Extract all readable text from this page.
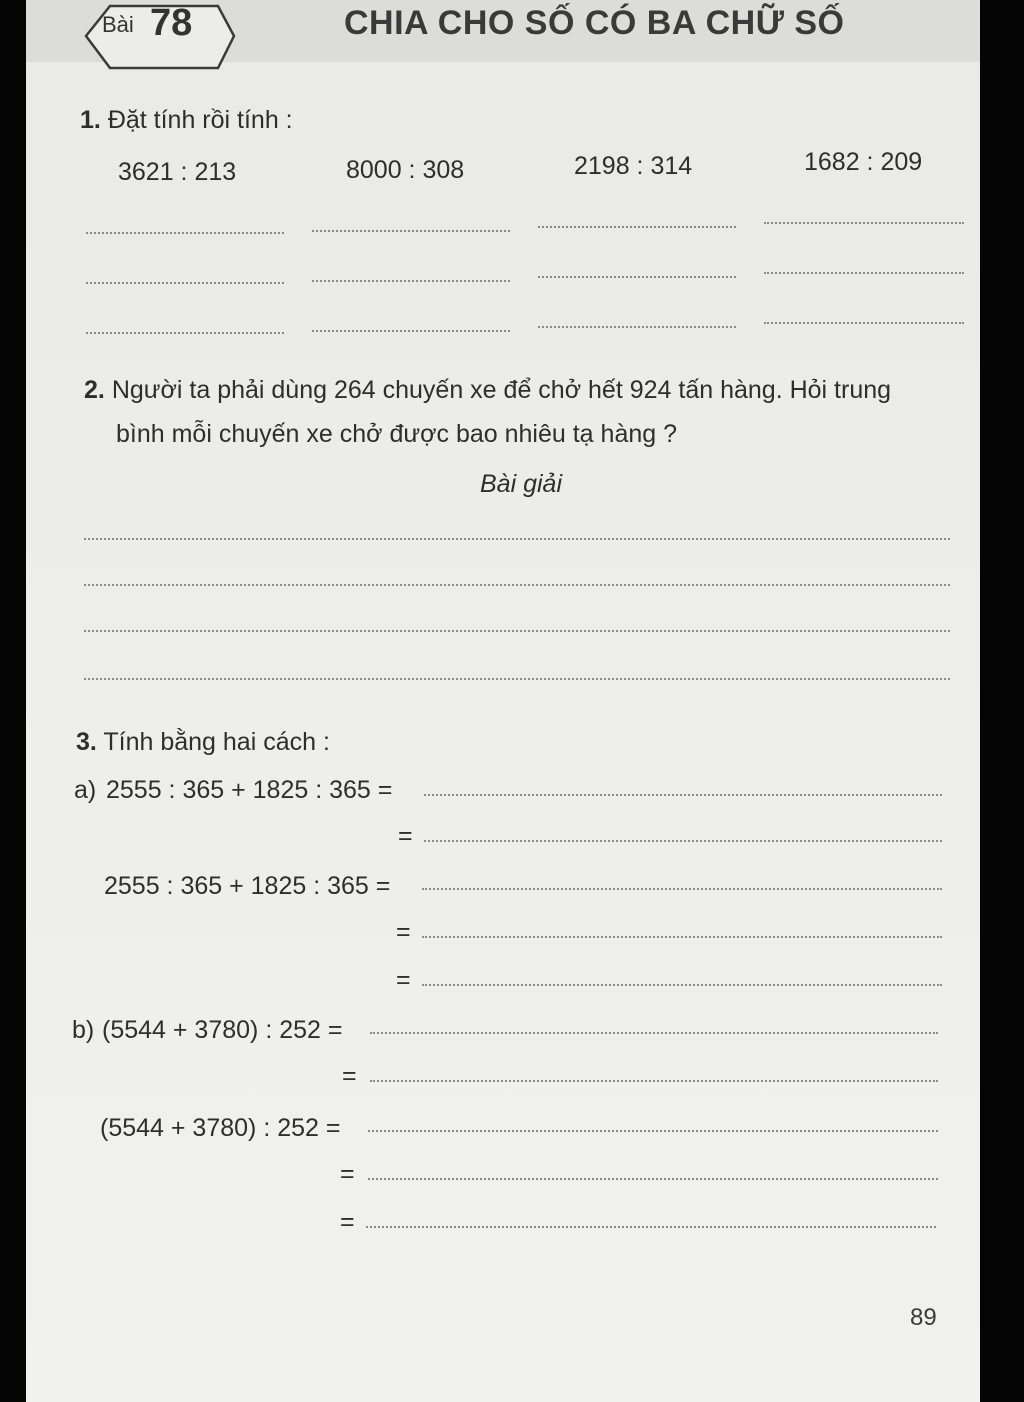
Bài 78	CHIA CHO SỐ CÓ BA CHỮ SỐ
1. Đặt tính rồi tính :
3621 : 213	8000 : 308	2198 : 314	1682 : 209
2. Người ta phải dùng 264 chuyến xe để chở hết 924 tấn hàng. Hỏi trung
bình mỗi chuyến xe chở được bao nhiêu tạ hàng ?
Bài giải
3. Tính bằng hai cách :
a) 2555 : 365 + 1825 : 365 =
=
2555 : 365 + 1825 : 365 =
=
=
b) (5544 + 3780) : 252 =
=
(5544 + 3780) : 252 =
=
=
89
